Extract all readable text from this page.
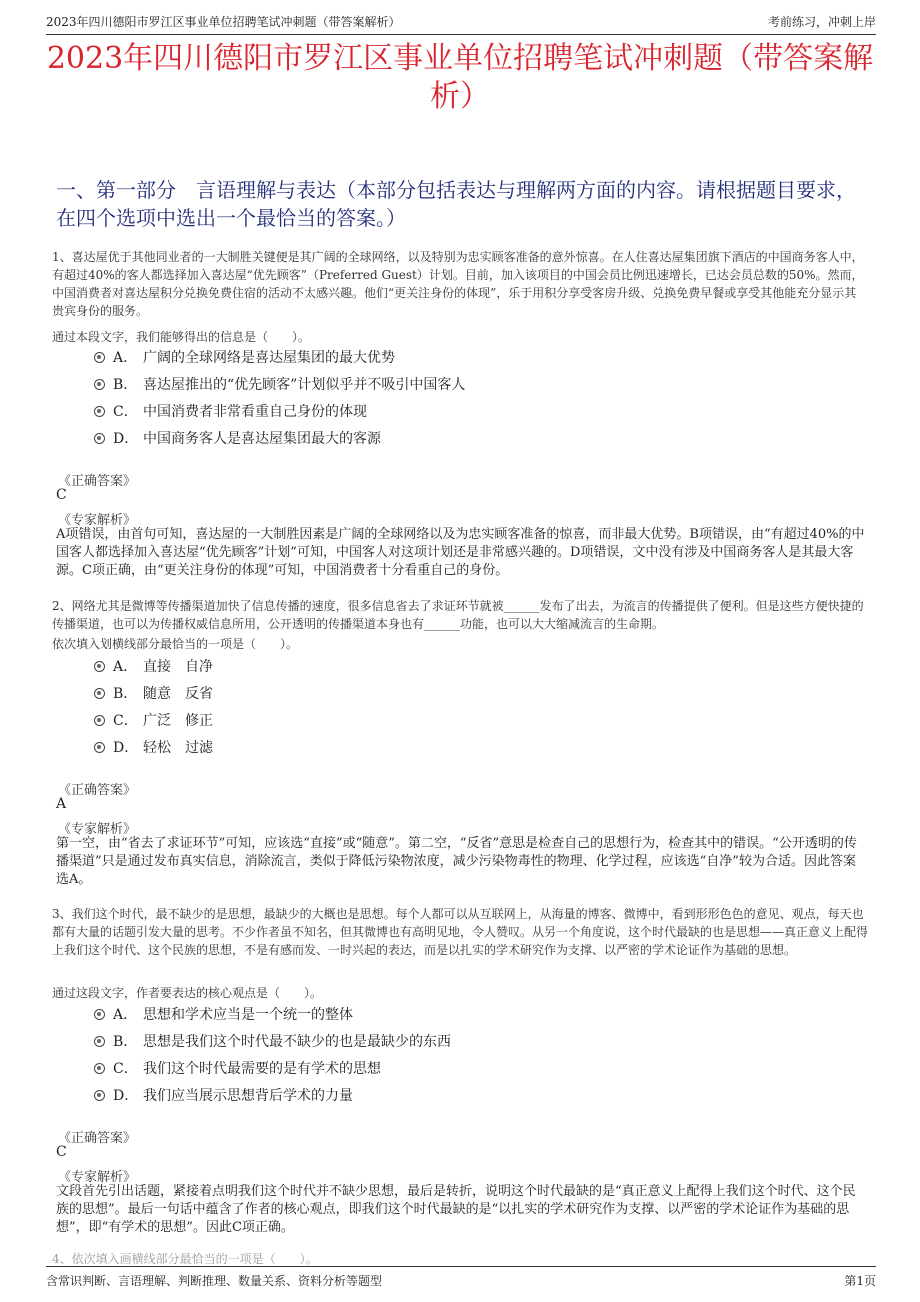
2023年四川德阳市罗江区事业单位招聘笔试冲刺题（带答案解析）	考前练习，冲刺上岸
2023年四川德阳市罗江区事业单位招聘笔试冲刺题（带答案解析）
一、第一部分　言语理解与表达（本部分包括表达与理解两方面的内容。请根据题目要求，在四个选项中选出一个最恰当的答案。）
1、喜达屋优于其他同业者的一大制胜关键便是其广阔的全球网络，以及特别为忠实顾客准备的意外惊喜。在人住喜达屋集团旗下酒店的中国商务客人中，有超过40%的客人都选择加入喜达屋“优先顾客”（Preferred Guest）计划。目前，加入该项目的中国会员比例迅速增长，已达会员总数的50%。然而，中国消费者对喜达屋积分兑换免费住宿的活动不太感兴趣。他们“更关注身份的体现”，乐于用积分享受客房升级、兑换免费早餐或享受其他能充分显示其贵宾身份的服务。
通过本段文字，我们能够得出的信息是（　　）。
A． 广阔的全球网络是喜达屋集团的最大优势
B． 喜达屋推出的“优先顾客”计划似乎并不吸引中国客人
C． 中国消费者非常看重自己身份的体现
D． 中国商务客人是喜达屋集团最大的客源
《正确答案》
C
《专家解析》
A项错误，由首句可知，喜达屋的一大制胜因素是广阔的全球网络以及为忠实顾客准备的惊喜，而非最大优势。B项错误，由“有超过40%的中国客人都选择加入喜达屋“优先顾客”计划”可知，中国客人对这项计划还是非常感兴趣的。D项错误，文中没有涉及中国商务客人是其最大客源。C项正确，由“更关注身份的体现”可知，中国消费者十分看重自己的身份。
2、网络尤其是微博等传播渠道加快了信息传播的速度，很多信息省去了求证环节就被______发布了出去，为流言的传播提供了便利。但是这些方便快捷的传播渠道，也可以为传播权威信息所用，公开透明的传播渠道本身也有______功能，也可以大大缩减流言的生命期。
依次填入划横线部分最恰当的一项是（　　）。
A． 直接　自净
B． 随意　反省
C． 广泛　修正
D． 轻松　过滤
《正确答案》
A
《专家解析》
第一空，由“省去了求证环节”可知，应该选“直接”或“随意”。第二空，“反省”意思是检查自己的思想行为，检查其中的错误。“公开透明的传播渠道”只是通过发布真实信息，消除流言，类似于降低污染物浓度，减少污染物毒性的物理、化学过程，应该选“自净”较为合适。因此答案选A。
3、我们这个时代，最不缺少的是思想，最缺少的大概也是思想。每个人都可以从互联网上，从海量的博客、微博中，看到形形色色的意见、观点，每天也都有大量的话题引发大量的思考。不少作者虽不知名，但其微博也有高明见地，令人赞叹。从另一个角度说，这个时代最缺的也是思想——真正意义上配得上我们这个时代、这个民族的思想，不是有感而发、一时兴起的表达，而是以扎实的学术研究作为支撑、以严密的学术论证作为基础的思想。
通过这段文字，作者要表达的核心观点是（　　）。
A． 思想和学术应当是一个统一的整体
B． 思想是我们这个时代最不缺少的也是最缺少的东西
C． 我们这个时代最需要的是有学术的思想
D． 我们应当展示思想背后学术的力量
《正确答案》
C
《专家解析》
文段首先引出话题，紧接着点明我们这个时代并不缺少思想，最后是转折，说明这个时代最缺的是“真正意义上配得上我们这个时代、这个民族的思想”。最后一句话中蕴含了作者的核心观点，即我们这个时代最缺的是“以扎实的学术研究作为支撑、以严密的学术论证作为基础的思想”，即“有学术的思想”。因此C项正确。
4、依次填入画横线部分最恰当的一项是（　　）。
含常识判断、言语理解、判断推理、数量关系、资料分析等题型	第1页
